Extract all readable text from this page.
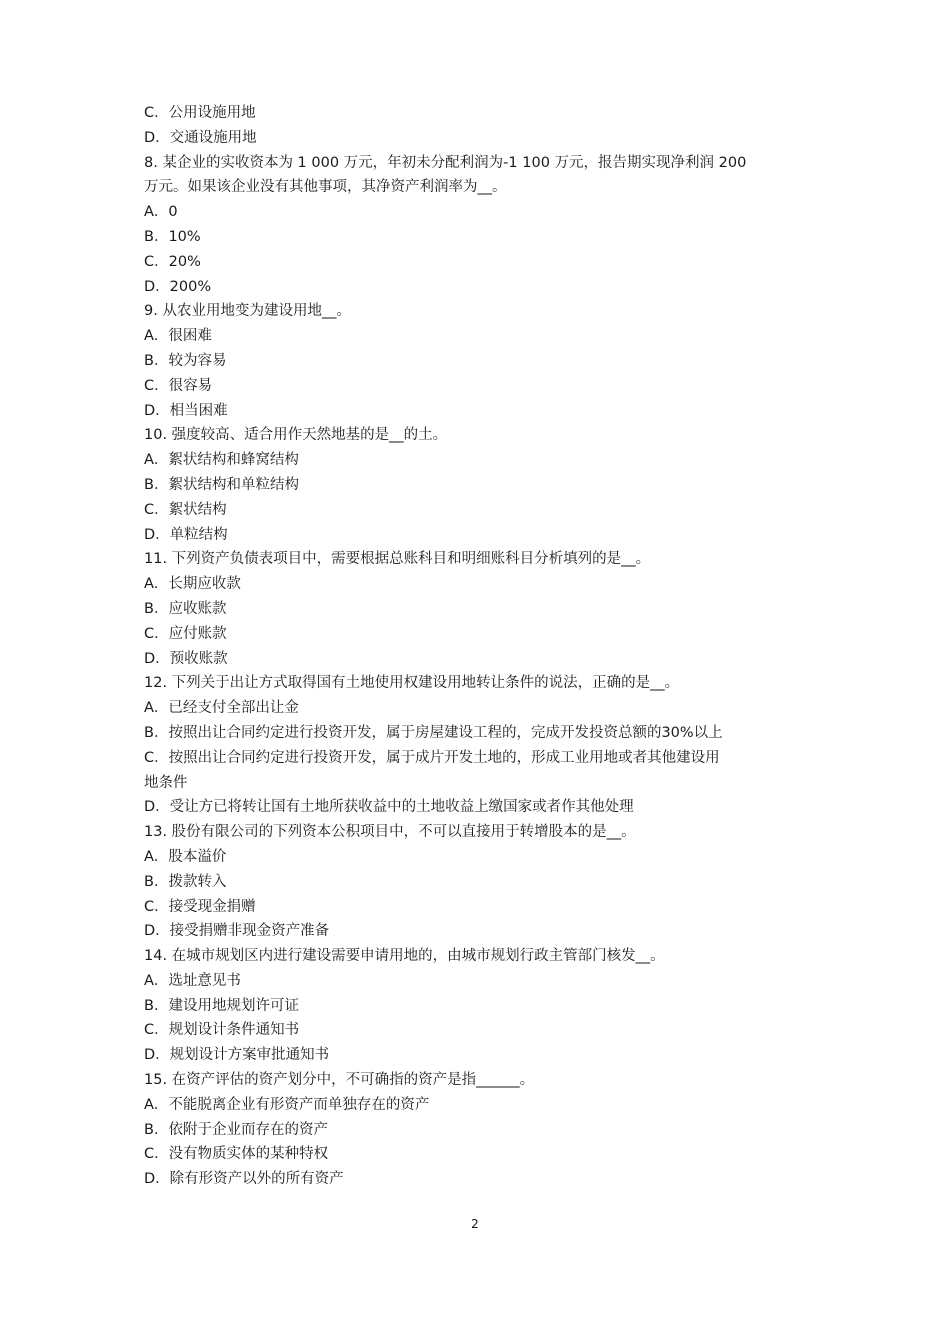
C．公用设施用地
D．交通设施用地
8. 某企业的实收资本为 1 000 万元，年初未分配利润为-1 100 万元，报告期实现净利润 200
万元。如果该企业没有其他事项，其净资产利润率为__。
A．0
B．10%
C．20%
D．200%
9. 从农业用地变为建设用地__。
A．很困难
B．较为容易
C．很容易
D．相当困难
10. 强度较高、适合用作天然地基的是__的土。
A．絮状结构和蜂窝结构
B．絮状结构和单粒结构
C．絮状结构
D．单粒结构
11. 下列资产负债表项目中，需要根据总账科目和明细账科目分析填列的是__。
A．长期应收款
B．应收账款
C．应付账款
D．预收账款
12. 下列关于出让方式取得国有土地使用权建设用地转让条件的说法，正确的是__。
A．已经支付全部出让金
B．按照出让合同约定进行投资开发，属于房屋建设工程的，完成开发投资总额的30%以上
C．按照出让合同约定进行投资开发，属于成片开发土地的，形成工业用地或者其他建设用
地条件
D．受让方已将转让国有土地所获收益中的土地收益上缴国家或者作其他处理
13. 股份有限公司的下列资本公积项目中，不可以直接用于转增股本的是__。
A．股本溢价
B．拨款转入
C．接受现金捐赠
D．接受捐赠非现金资产准备
14. 在城市规划区内进行建设需要申请用地的，由城市规划行政主管部门核发__。
A．选址意见书
B．建设用地规划许可证
C．规划设计条件通知书
D．规划设计方案审批通知书
15. 在资产评估的资产划分中，不可确指的资产是指______。
A．不能脱离企业有形资产而单独存在的资产
B．依附于企业而存在的资产
C．没有物质实体的某种特权
D．除有形资产以外的所有资产
2
